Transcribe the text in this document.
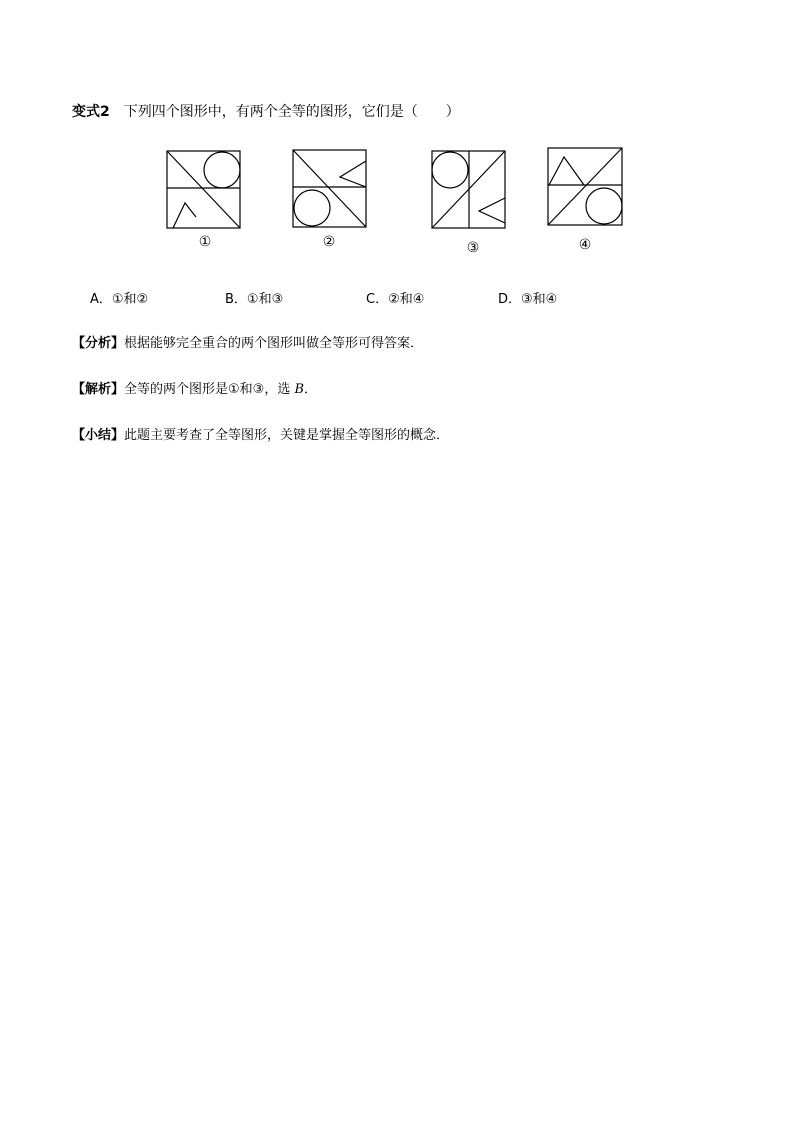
变式2 下列四个图形中，有两个全等的图形，它们是（　　）
①	②	③	④
A．①和②	B．①和③	C．②和④	D．③和④
【分析】根据能够完全重合的两个图形叫做全等形可得答案．
【解析】全等的两个图形是①和③，选 B．
【小结】此题主要考查了全等图形，关键是掌握全等图形的概念．
